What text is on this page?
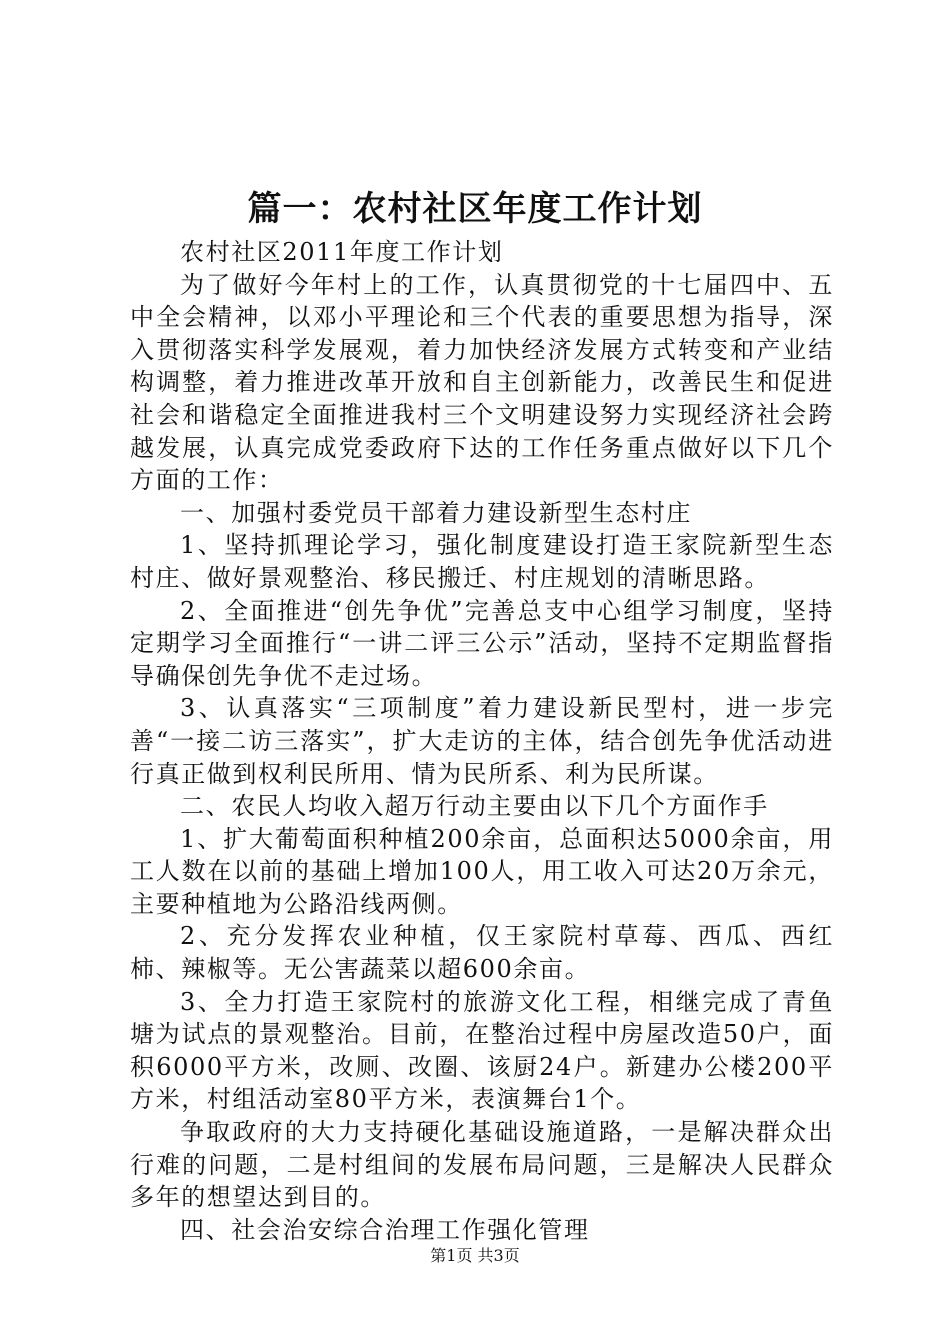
篇一：农村社区年度工作计划

农村社区2011年度工作计划

为了做好今年村上的工作，认真贯彻党的十七届四中、五中全会精神，以邓小平理论和三个代表的重要思想为指导，深入贯彻落实科学发展观，着力加快经济发展方式转变和产业结构调整，着力推进改革开放和自主创新能力，改善民生和促进社会和谐稳定全面推进我村三个文明建设努力实现经济社会跨越发展，认真完成党委政府下达的工作任务重点做好以下几个方面的工作：

一、加强村委党员干部着力建设新型生态村庄

1、坚持抓理论学习，强化制度建设打造王家院新型生态村庄、做好景观整治、移民搬迁、村庄规划的清晰思路。

2、全面推进“创先争优”完善总支中心组学习制度，坚持定期学习全面推行“一讲二评三公示”活动，坚持不定期监督指导确保创先争优不走过场。

3、认真落实“三项制度”着力建设新民型村，进一步完善“一接二访三落实”，扩大走访的主体，结合创先争优活动进行真正做到权利民所用、情为民所系、利为民所谋。

二、农民人均收入超万行动主要由以下几个方面作手

1、扩大葡萄面积种植200余亩，总面积达5000余亩，用工人数在以前的基础上增加100人，用工收入可达20万余元，主要种植地为公路沿线两侧。

2、充分发挥农业种植，仅王家院村草莓、西瓜、西红柿、辣椒等。无公害蔬菜以超600余亩。

3、全力打造王家院村的旅游文化工程，相继完成了青鱼塘为试点的景观整治。目前，在整治过程中房屋改造50户，面积6000平方米，改厕、改圈、该厨24户。新建办公楼200平方米，村组活动室80平方米，表演舞台1个。

争取政府的大力支持硬化基础设施道路，一是解决群众出行难的问题，二是村组间的发展布局问题，三是解决人民群众多年的想望达到目的。

四、社会治安综合治理工作强化管理

第1页 共3页
